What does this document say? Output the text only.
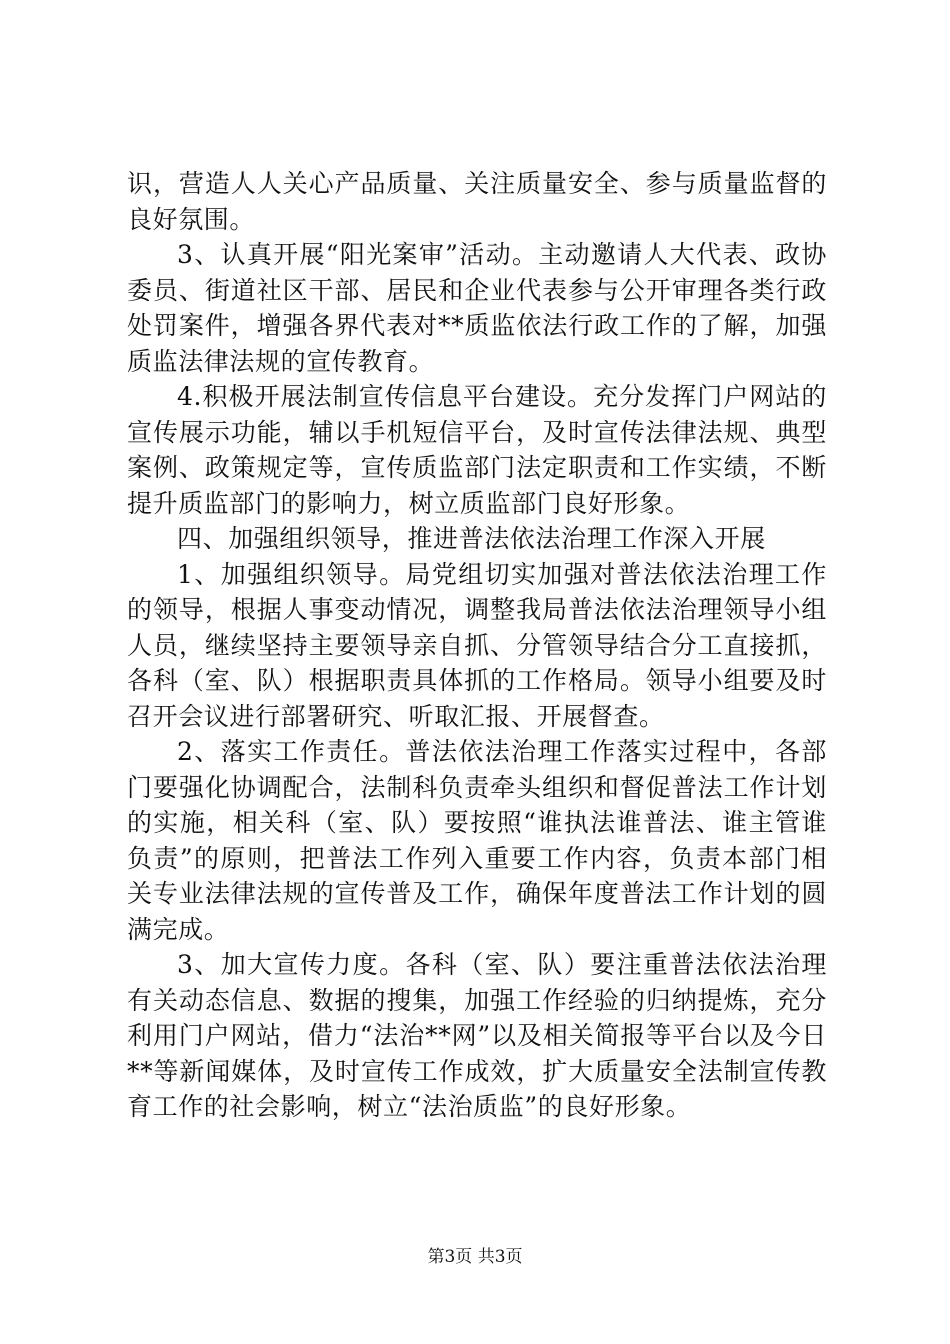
识，营造人人关心产品质量、关注质量安全、参与质量监督的良好氛围。

3、认真开展“阳光案审”活动。主动邀请人大代表、政协委员、街道社区干部、居民和企业代表参与公开审理各类行政处罚案件，增强各界代表对**质监依法行政工作的了解，加强质监法律法规的宣传教育。

4.积极开展法制宣传信息平台建设。充分发挥门户网站的宣传展示功能，辅以手机短信平台，及时宣传法律法规、典型案例、政策规定等，宣传质监部门法定职责和工作实绩，不断提升质监部门的影响力，树立质监部门良好形象。

四、加强组织领导，推进普法依法治理工作深入开展

1、加强组织领导。局党组切实加强对普法依法治理工作的领导，根据人事变动情况，调整我局普法依法治理领导小组人员，继续坚持主要领导亲自抓、分管领导结合分工直接抓，各科（室、队）根据职责具体抓的工作格局。领导小组要及时召开会议进行部署研究、听取汇报、开展督查。

2、落实工作责任。普法依法治理工作落实过程中，各部门要强化协调配合，法制科负责牵头组织和督促普法工作计划的实施，相关科（室、队）要按照“谁执法谁普法、谁主管谁负责”的原则，把普法工作列入重要工作内容，负责本部门相关专业法律法规的宣传普及工作，确保年度普法工作计划的圆满完成。

3、加大宣传力度。各科（室、队）要注重普法依法治理有关动态信息、数据的搜集，加强工作经验的归纳提炼，充分利用门户网站，借力“法治**网”以及相关简报等平台以及今日**等新闻媒体，及时宣传工作成效，扩大质量安全法制宣传教育工作的社会影响，树立“法治质监”的良好形象。

第3页 共3页
